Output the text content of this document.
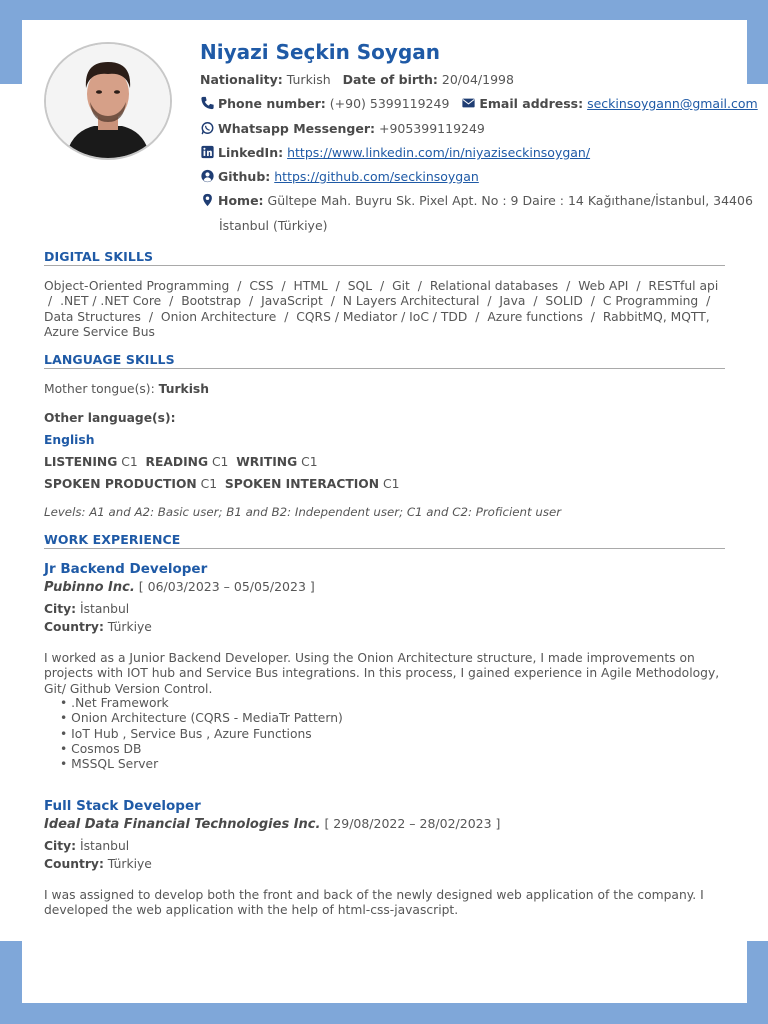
Niyazi Seçkin Soygan
Nationality: Turkish Date of birth: 20/04/1998
Phone number: (+90) 5399119249 Email address: seckinsoygann@gmail.com
Whatsapp Messenger: +905399119249
LinkedIn: https://www.linkedin.com/in/niyaziseckinsoygan/
Github: https://github.com/seckinsoygan
Home: Gültepe Mah. Buyru Sk. Pixel Apt. No : 9 Daire : 14 Kağıthane/İstanbul, 34406
İstanbul (Türkiye)
DIGITAL SKILLS
Object-Oriented Programming / CSS / HTML / SQL / Git / Relational databases / Web API / RESTful api / .NET / .NET Core / Bootstrap / JavaScript / N Layers Architectural / Java / SOLID / C Programming / Data Structures / Onion Architecture / CQRS / Mediator / IoC / TDD / Azure functions / RabbitMQ, MQTT, Azure Service Bus
LANGUAGE SKILLS
Mother tongue(s): Turkish
Other language(s):
English
LISTENING C1 READING C1 WRITING C1
SPOKEN PRODUCTION C1 SPOKEN INTERACTION C1
Levels: A1 and A2: Basic user; B1 and B2: Independent user; C1 and C2: Proficient user
WORK EXPERIENCE
Jr Backend Developer
Pubinno Inc. [ 06/03/2023 – 05/05/2023 ]
City: İstanbul
Country: Türkiye
I worked as a Junior Backend Developer. Using the Onion Architecture structure, I made improvements on projects with IOT hub and Service Bus integrations. In this process, I gained experience in Agile Methodology, Git/ Github Version Control.
• .Net Framework
• Onion Architecture (CQRS - MediaTr Pattern)
• IoT Hub , Service Bus , Azure Functions
• Cosmos DB
• MSSQL Server
Full Stack Developer
Ideal Data Financial Technologies Inc. [ 29/08/2022 – 28/02/2023 ]
City: İstanbul
Country: Türkiye
I was assigned to develop both the front and back of the newly designed web application of the company. I developed the web application with the help of html-css-javascript.
